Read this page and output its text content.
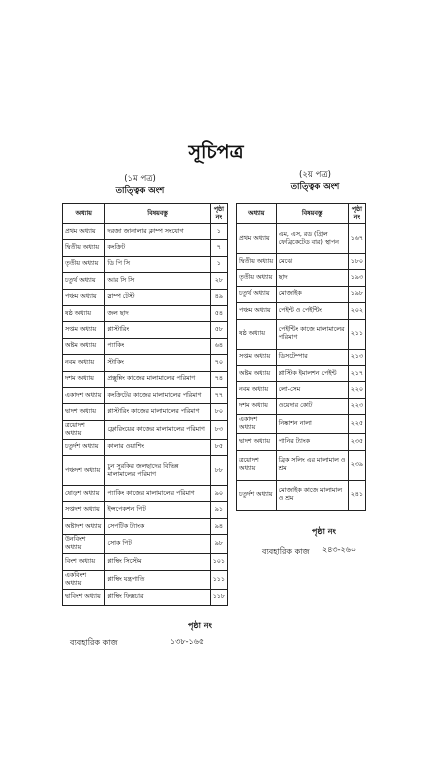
সূচিপত্র
(১ম পত্র)
তাত্ত্বিক অংশ
(২য় পত্র)
তাত্ত্বিক অংশ
অধ্যায়	বিষয়বস্তু	পৃষ্ঠা নং
প্রথম অধ্যায়	দরজা জানালার ক্লাম্প সংযোগ	১
দ্বিতীয় অধ্যায়	কংক্রিট	৭
তৃতীয় অধ্যায়	ডি পি সি	১
চতুর্থ অধ্যায়	আর সি সি	২৮
পঞ্চম অধ্যায়	স্লাম্প টেস্ট	৪৯
ষষ্ঠ অধ্যায়	জল ছাদ	৫৪
সপ্তম অধ্যায়	প্লাস্টারিং	৫৮
অষ্টম অধ্যায়	প্যাকিং	৬৪
নবম অধ্যায়	স্টাকিং	৭০
দশম অধ্যায়	প্রক্সুন্নিং কাজের মালামালের পরিমাণ	৭৪
একাদশ অধ্যায়	কংক্রিটের কাজের মালামালের পরিমাণ	৭৭
দ্বাদশ অধ্যায়	প্লাস্টারিং কাজের মালামালের পরিমাণ	৮০
ত্রয়োদশ অধ্যায়	ফ্লোরিংয়ের কাজের মালামালের পরিমাণ	৮৩
চতুর্দশ অধ্যায়	কালার ওয়াশিং	৮৫
পঞ্চদশ অধ্যায়	চুন সুরকির জলছাদের বিভিন্ন মালামালের পরিমাণ	৮৮
ষোড়শ অধ্যায়	প্যাকিং কাজের মালামালের পরিমাণ	৯০
সপ্তদশ অধ্যায়	ইন্সপেকশন পিট	৯১
অষ্টাদশ অধ্যায়	সেপটিক ট্যাংক	৯৪
উনবিংশ অধ্যায়	সোক পিট	৯৮
বিংশ অধ্যায়	প্লাম্বিং সিস্টেম	১০১
একবিংশ অধ্যায়	প্লাম্বিং যন্ত্রপাতি	১১১
দ্বাবিংশ অধ্যায়	প্লাম্বিং ফিক্সচার	১১৮
অধ্যায়	বিষয়বস্তু	পৃষ্ঠা নং
প্রথম অধ্যায়	এম, এস, রড (গ্রিল ফেব্রিকেটেড বার) স্থাপন	১৬৭
দ্বিতীয় অধ্যায়	মেঝে	১৮০
তৃতীয় অধ্যায়	ছাদ	১৯৩
চতুর্থ অধ্যায়	মোজাইক	১৯৮
পঞ্চম অধ্যায়	পেইন্ট ও পেইন্টিং	২০২
ষষ্ঠ অধ্যায়	পেইন্টিং কাজে মালামালের পরিমাণ	২১১
সপ্তম অধ্যায়	ডিসটেম্পার	২১৩
অষ্টম অধ্যায়	প্লাস্টিক ইমালশন পেইন্ট	২১৭
নবম অধ্যায়	লো-সেম	২২০
দশম অধ্যায়	ওয়েদার কোট	২২৩
একাদশ অধ্যায়	নিষ্কাশন নালা	২২৫
দ্বাদশ অধ্যায়	পানির ট্যাংক	২৩৫
ত্রয়োদশ অধ্যায়	ব্রিক সলিং এর মালামাল ও শ্রম	২৩৯
চতুর্দশ অধ্যায়	মোজাইক কাজে মালামাল ও শ্রম	২৪১
পৃষ্ঠা নং
ব্যবহারিক কাজ ২৪৩-২৬০
পৃষ্ঠা নং
ব্যবহারিক কাজ	১৩৮-১৬৫
